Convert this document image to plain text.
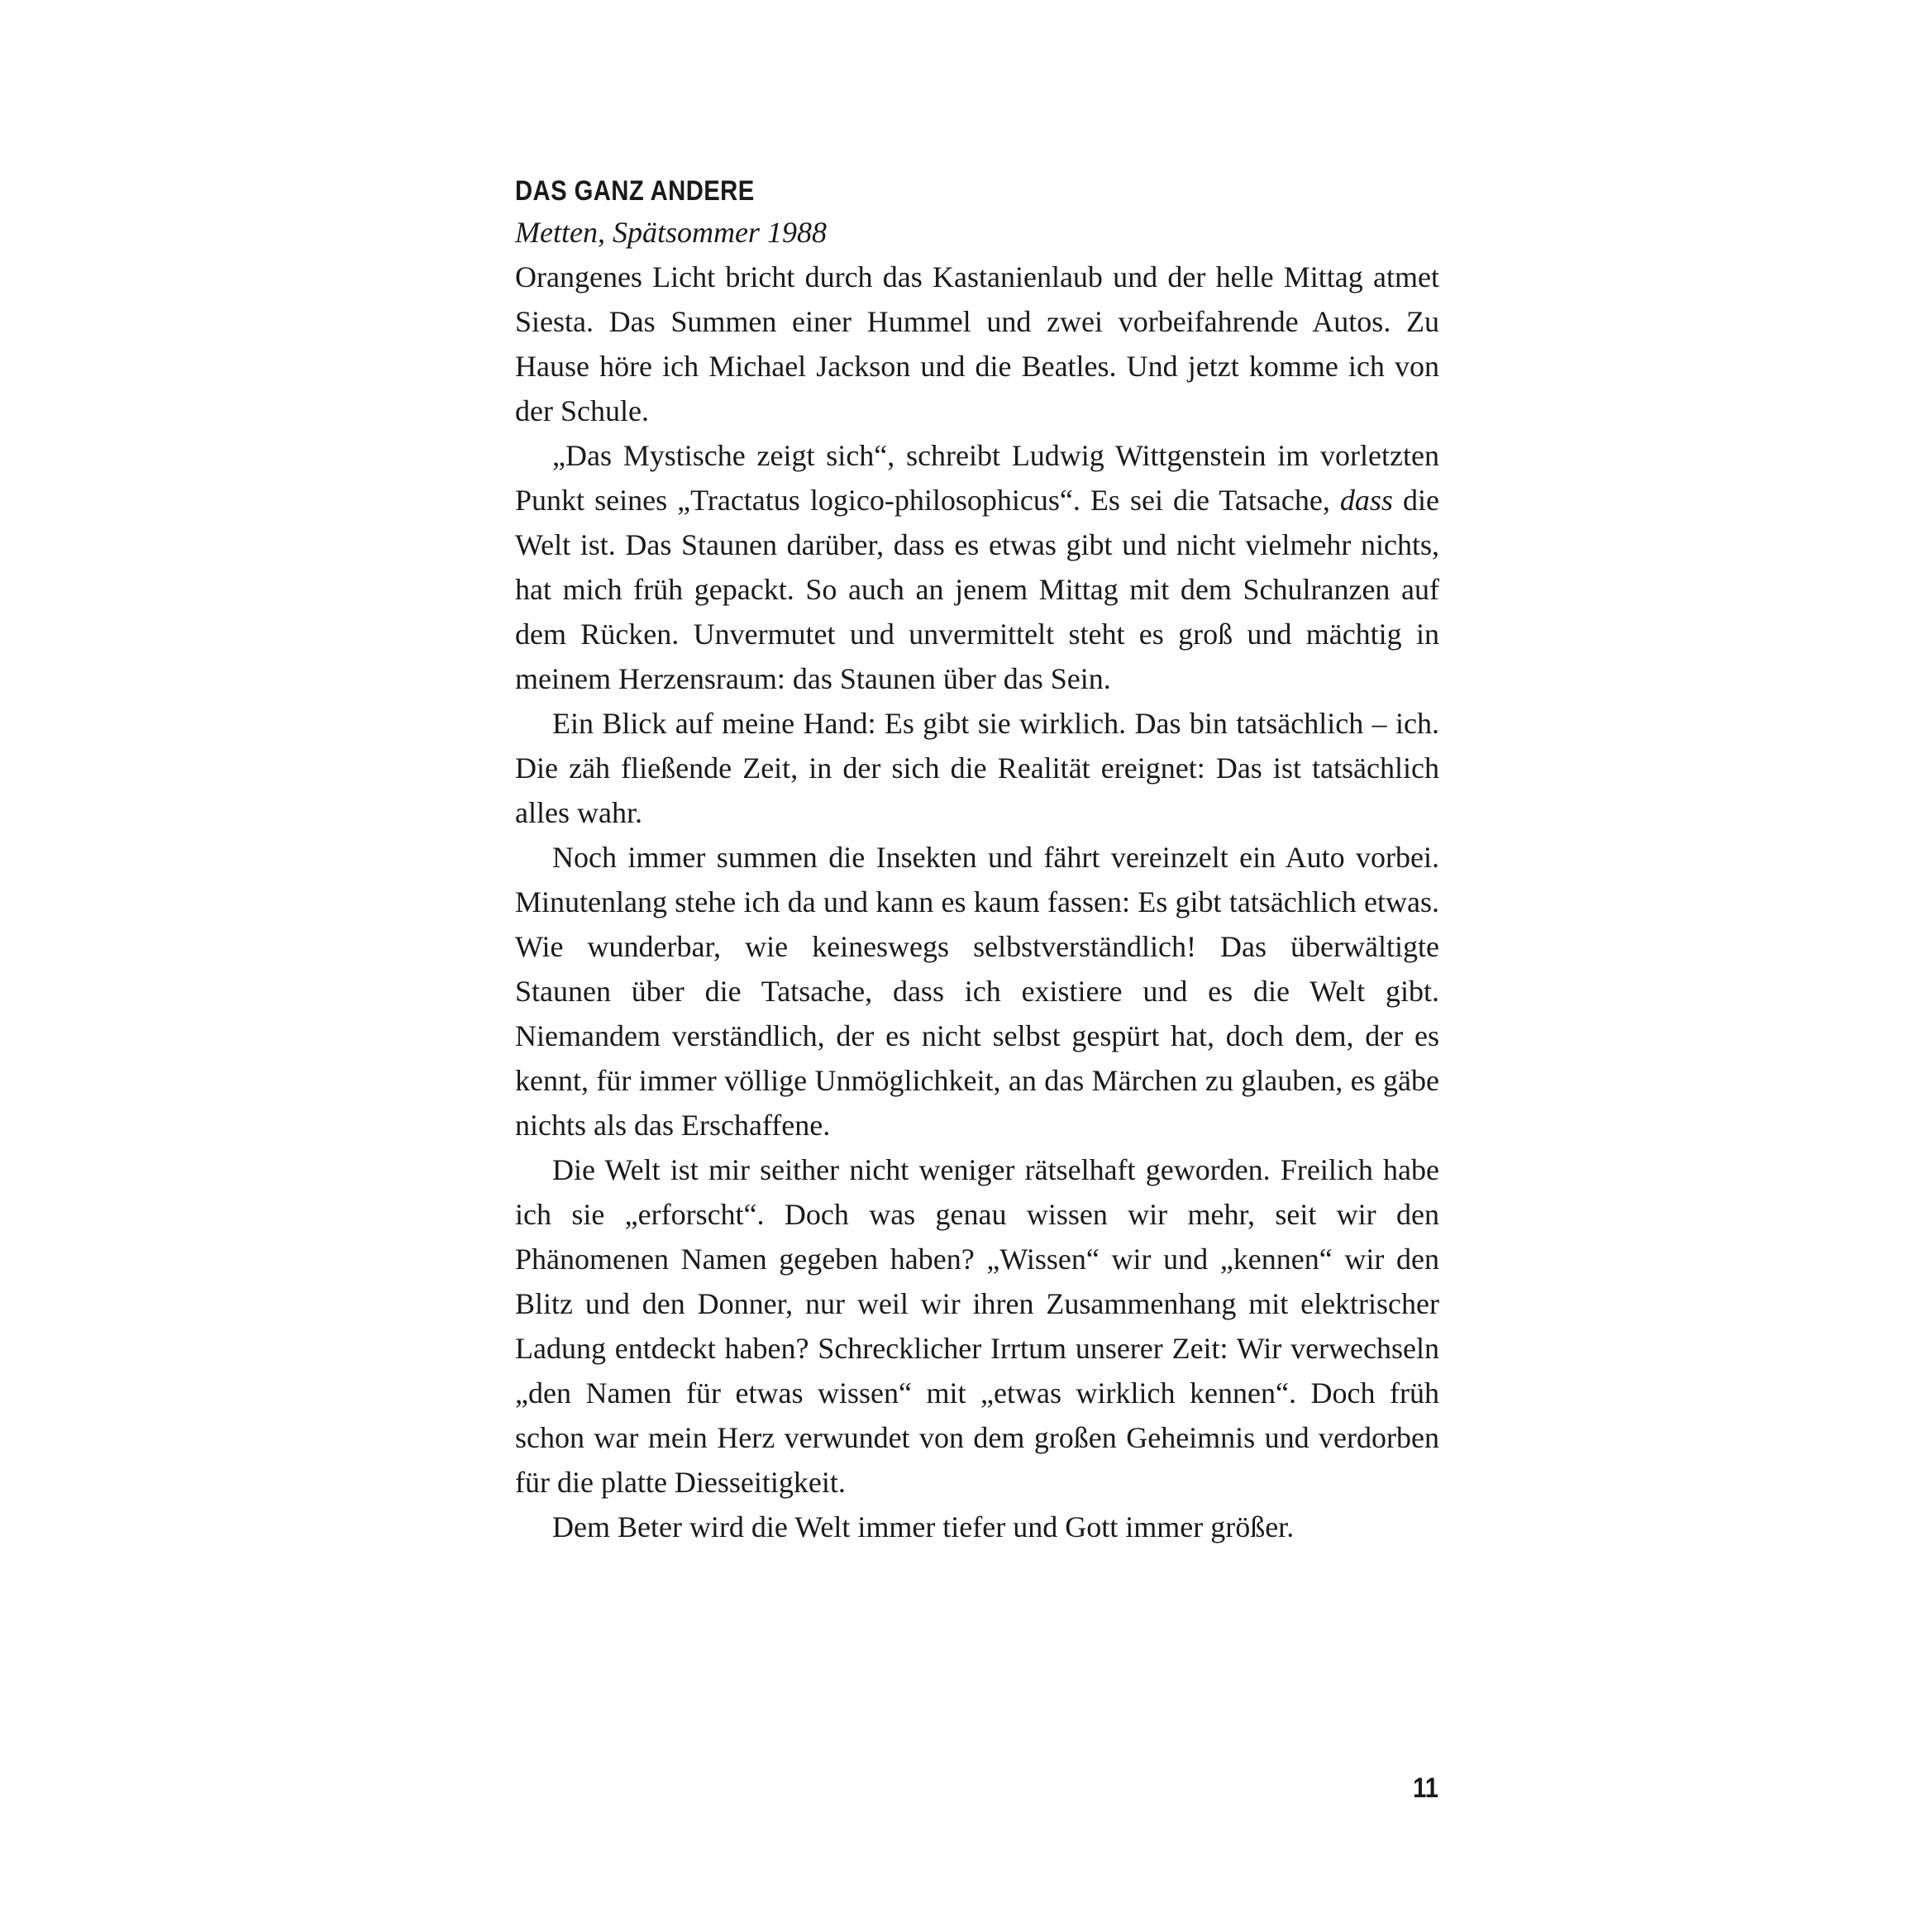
DAS GANZ ANDERE

Metten, Spätsommer 1988

Orangenes Licht bricht durch das Kastanienlaub und der helle Mittag atmet Siesta. Das Summen einer Hummel und zwei vorbeifahrende Autos. Zu Hause höre ich Michael Jackson und die Beatles. Und jetzt komme ich von der Schule.

„Das Mystische zeigt sich“, schreibt Ludwig Wittgenstein im vorletzten Punkt seines „Tractatus logico-philosophicus“. Es sei die Tatsache, dass die Welt ist. Das Staunen darüber, dass es etwas gibt und nicht vielmehr nichts, hat mich früh gepackt. So auch an jenem Mittag mit dem Schulranzen auf dem Rücken. Unvermutet und unvermittelt steht es groß und mächtig in meinem Herzensraum: das Staunen über das Sein.

Ein Blick auf meine Hand: Es gibt sie wirklich. Das bin tatsächlich – ich. Die zäh fließende Zeit, in der sich die Realität ereignet: Das ist tatsächlich alles wahr.

Noch immer summen die Insekten und fährt vereinzelt ein Auto vorbei. Minutenlang stehe ich da und kann es kaum fassen: Es gibt tatsächlich etwas. Wie wunderbar, wie keineswegs selbstverständlich! Das überwältigte Staunen über die Tatsache, dass ich existiere und es die Welt gibt. Niemandem verständlich, der es nicht selbst gespürt hat, doch dem, der es kennt, für immer völlige Unmöglichkeit, an das Märchen zu glauben, es gäbe nichts als das Erschaffene.

Die Welt ist mir seither nicht weniger rätselhaft geworden. Freilich habe ich sie „erforscht“. Doch was genau wissen wir mehr, seit wir den Phänomenen Namen gegeben haben? „Wissen“ wir und „kennen“ wir den Blitz und den Donner, nur weil wir ihren Zusammenhang mit elektrischer Ladung entdeckt haben? Schrecklicher Irrtum unserer Zeit: Wir verwechseln „den Namen für etwas wissen“ mit „etwas wirklich kennen“. Doch früh schon war mein Herz verwundet von dem großen Geheimnis und verdorben für die platte Diesseitigkeit.

Dem Beter wird die Welt immer tiefer und Gott immer größer.

11
